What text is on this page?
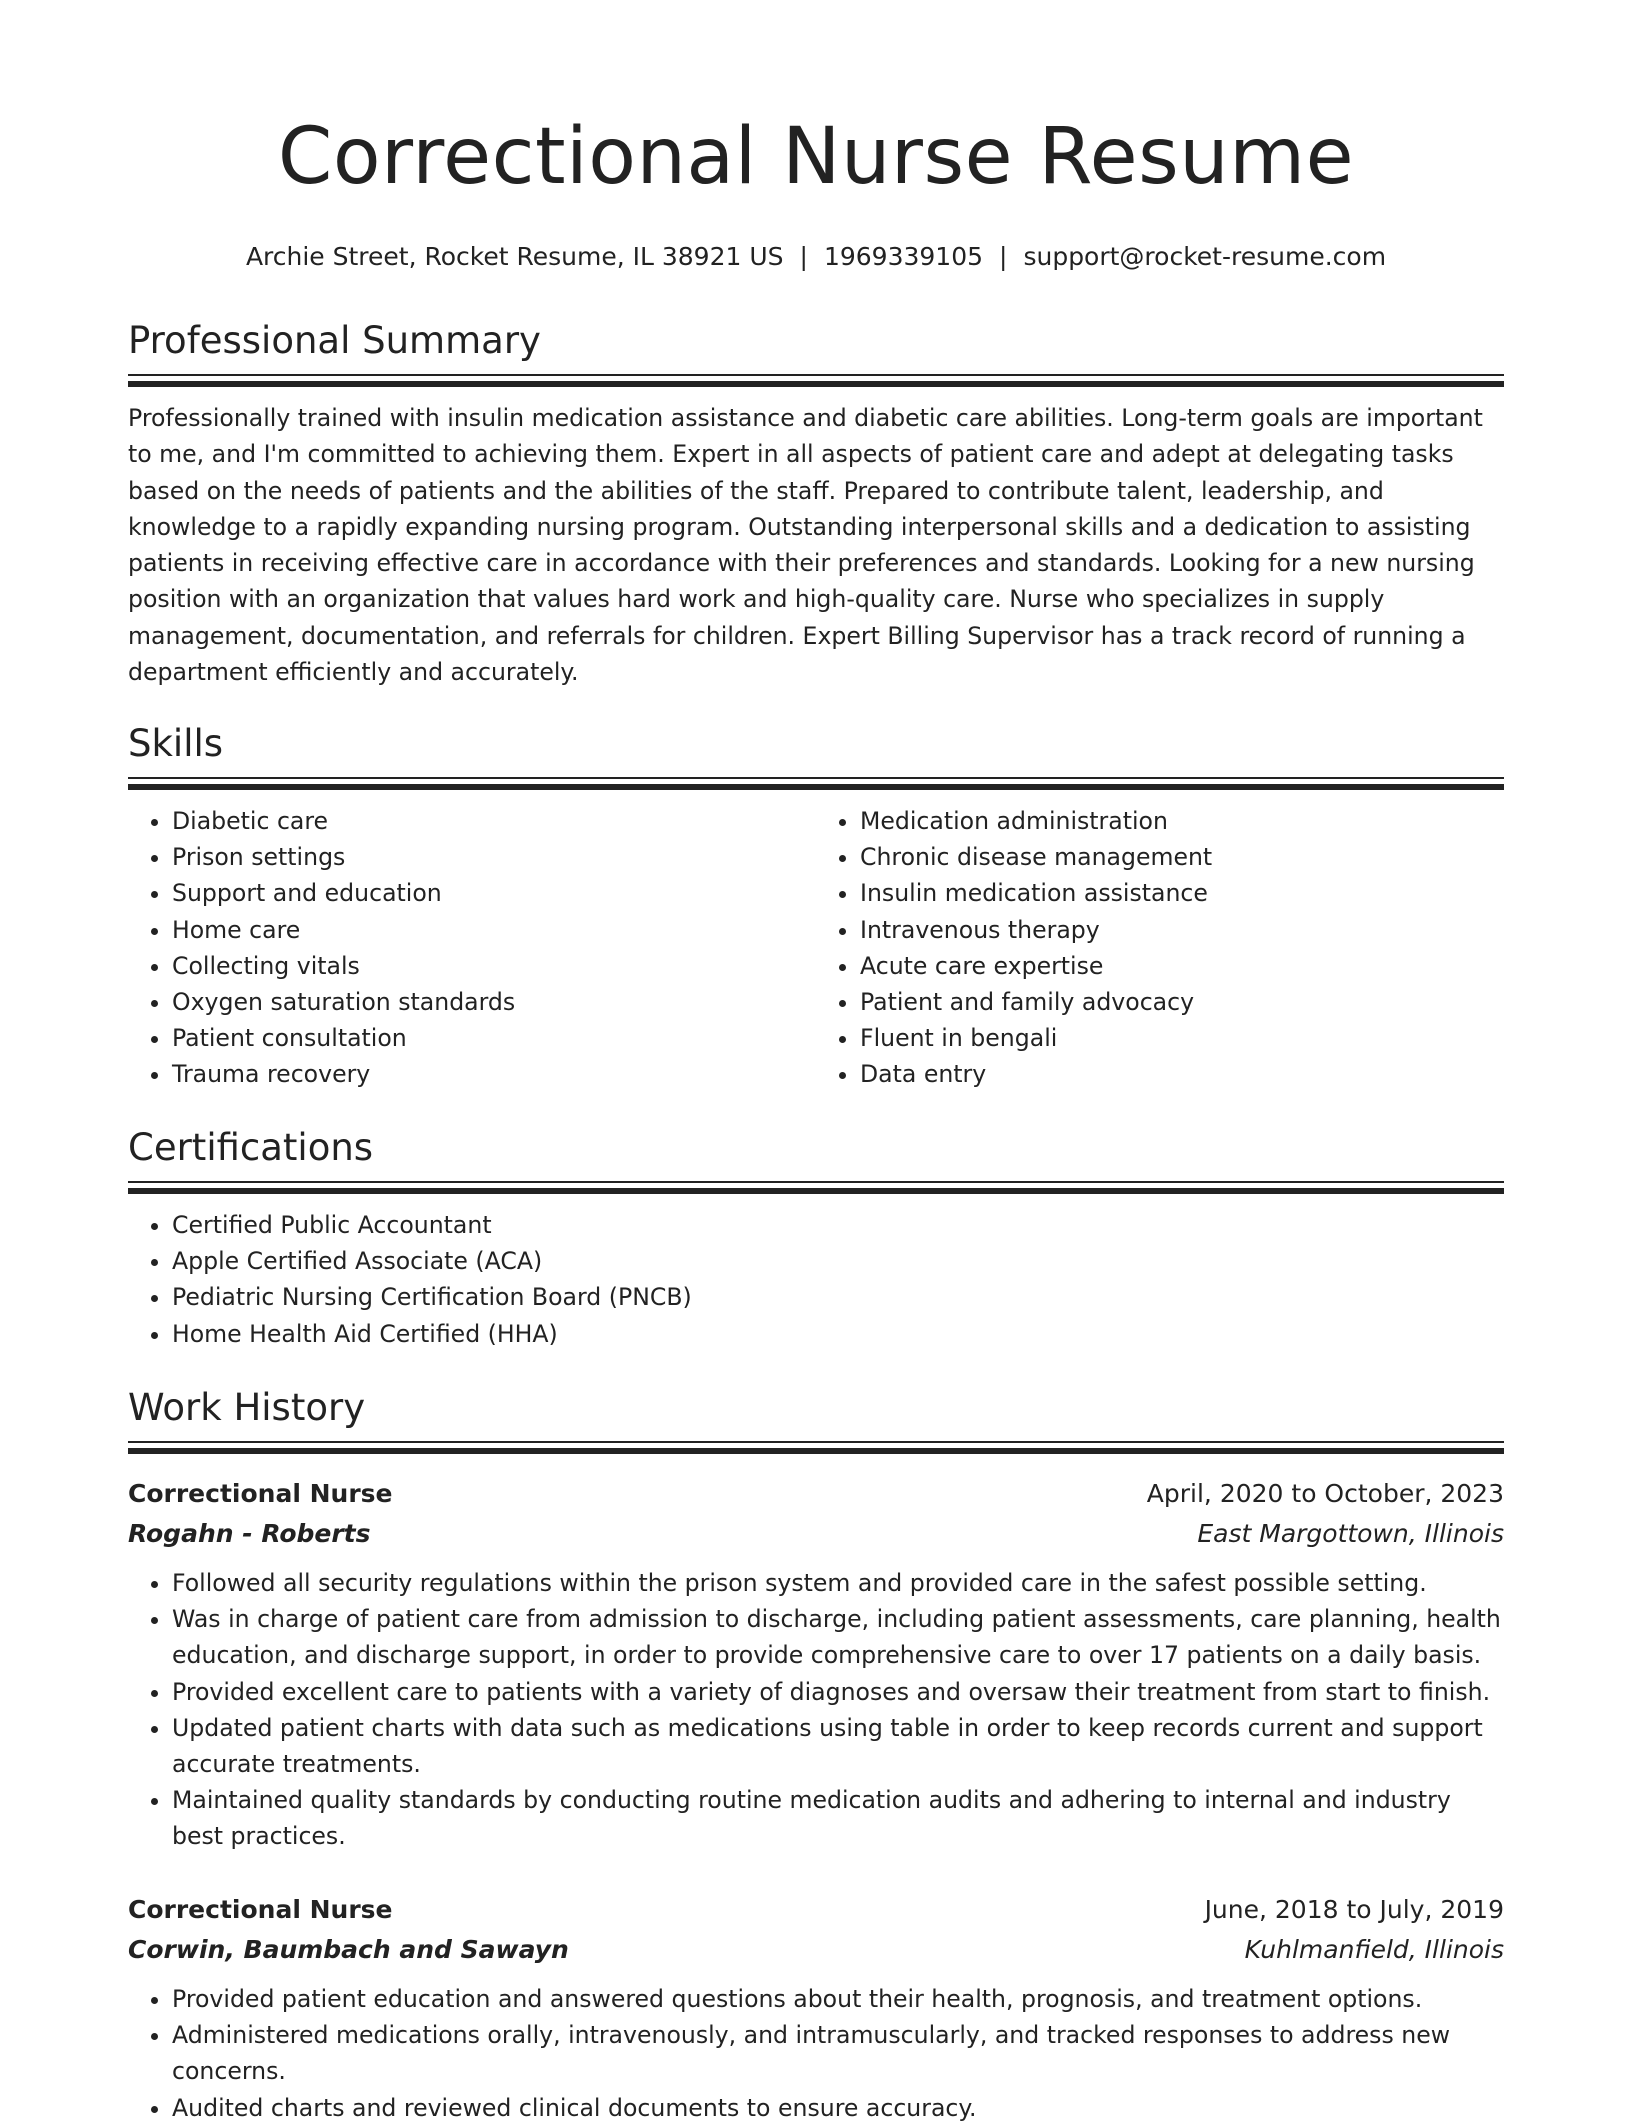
Correctional Nurse Resume
Archie Street, Rocket Resume, IL 38921 US | 1969339105 | support@rocket-resume.com
Professional Summary
Professionally trained with insulin medication assistance and diabetic care abilities. Long-term goals are important to me, and I'm committed to achieving them. Expert in all aspects of patient care and adept at delegating tasks based on the needs of patients and the abilities of the staff. Prepared to contribute talent, leadership, and knowledge to a rapidly expanding nursing program. Outstanding interpersonal skills and a dedication to assisting patients in receiving effective care in accordance with their preferences and standards. Looking for a new nursing position with an organization that values hard work and high-quality care. Nurse who specializes in supply management, documentation, and referrals for children. Expert Billing Supervisor has a track record of running a department efficiently and accurately.
Skills
• Diabetic care
• Prison settings
• Support and education
• Home care
• Collecting vitals
• Oxygen saturation standards
• Patient consultation
• Trauma recovery
• Medication administration
• Chronic disease management
• Insulin medication assistance
• Intravenous therapy
• Acute care expertise
• Patient and family advocacy
• Fluent in bengali
• Data entry
Certifications
• Certified Public Accountant
• Apple Certified Associate (ACA)
• Pediatric Nursing Certification Board (PNCB)
• Home Health Aid Certified (HHA)
Work History
Correctional Nurse	April, 2020 to October, 2023
Rogahn - Roberts	East Margottown, Illinois
• Followed all security regulations within the prison system and provided care in the safest possible setting.
• Was in charge of patient care from admission to discharge, including patient assessments, care planning, health education, and discharge support, in order to provide comprehensive care to over 17 patients on a daily basis.
• Provided excellent care to patients with a variety of diagnoses and oversaw their treatment from start to finish.
• Updated patient charts with data such as medications using table in order to keep records current and support accurate treatments.
• Maintained quality standards by conducting routine medication audits and adhering to internal and industry best practices.
Correctional Nurse	June, 2018 to July, 2019
Corwin, Baumbach and Sawayn	Kuhlmanfield, Illinois
• Provided patient education and answered questions about their health, prognosis, and treatment options.
• Administered medications orally, intravenously, and intramuscularly, and tracked responses to address new concerns.
• Audited charts and reviewed clinical documents to ensure accuracy.
